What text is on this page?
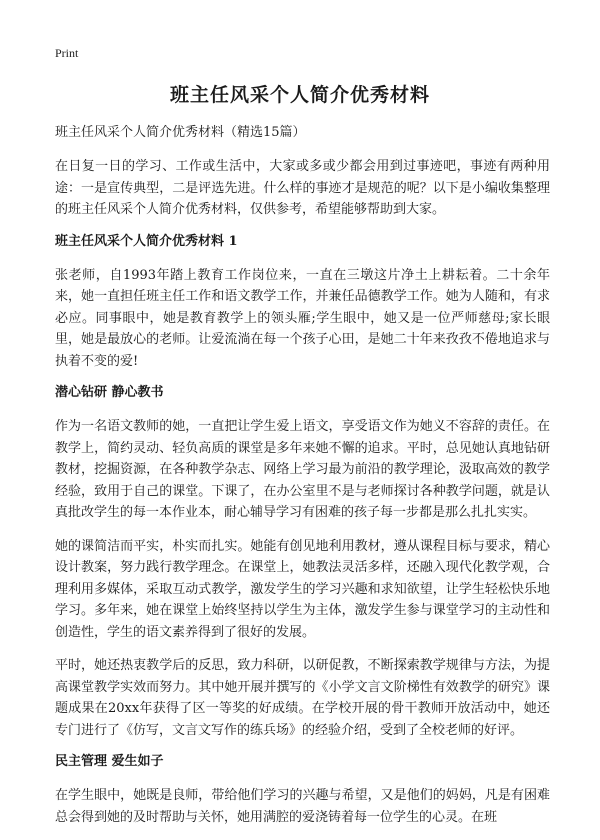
Print
班主任风采个人简介优秀材料

班主任风采个人简介优秀材料（精选15篇）

在日复一日的学习、工作或生活中，大家或多或少都会用到过事迹吧，事迹有两种用途：一是宣传典型，二是评选先进。什么样的事迹才是规范的呢？以下是小编收集整理的班主任风采个人简介优秀材料，仅供参考，希望能够帮助到大家。

班主任风采个人简介优秀材料 1

张老师，自1993年踏上教育工作岗位来，一直在三墩这片净土上耕耘着。二十余年来，她一直担任班主任工作和语文教学工作，并兼任品德教学工作。她为人随和，有求必应。同事眼中，她是教育教学上的领头雁;学生眼中，她又是一位严师慈母;家长眼里，她是最放心的老师。让爱流淌在每一个孩子心田，是她二十年来孜孜不倦地追求与执着不变的爱!

潜心钻研 静心教书

作为一名语文教师的她，一直把让学生爱上语文，享受语文作为她义不容辞的责任。在教学上，简约灵动、轻负高质的课堂是多年来她不懈的追求。平时，总见她认真地钻研教材，挖掘资源，在各种教学杂志、网络上学习最为前沿的教学理论，汲取高效的教学经验，致用于自己的课堂。下课了，在办公室里不是与老师探讨各种教学问题，就是认真批改学生的每一本作业本，耐心辅导学习有困难的孩子每一步都是那么扎扎实实。

她的课简洁而平实，朴实而扎实。她能有创见地利用教材，遵从课程目标与要求，精心设计教案，努力践行教学理念。在课堂上，她教法灵活多样，还融入现代化教学观，合理利用多媒体，采取互动式教学，激发学生的学习兴趣和求知欲望，让学生轻松快乐地学习。多年来，她在课堂上始终坚持以学生为主体，激发学生参与课堂学习的主动性和创造性，学生的语文素养得到了很好的发展。

平时，她还热衷教学后的反思，致力科研，以研促教，不断探索教学规律与方法，为提高课堂教学实效而努力。其中她开展并撰写的《小学文言文阶梯性有效教学的研究》课题成果在20xx年获得了区一等奖的好成绩。在学校开展的骨干教师开放活动中，她还专门进行了《仿写，文言文写作的练兵场》的经验介绍，受到了全校老师的好评。

民主管理 爱生如子

在学生眼中，她既是良师，带给他们学习的兴趣与希望，又是他们的妈妈，凡是有困难总会得到她的及时帮助与关怀，她用满腔的爱浇铸着每一位学生的心灵。在班
